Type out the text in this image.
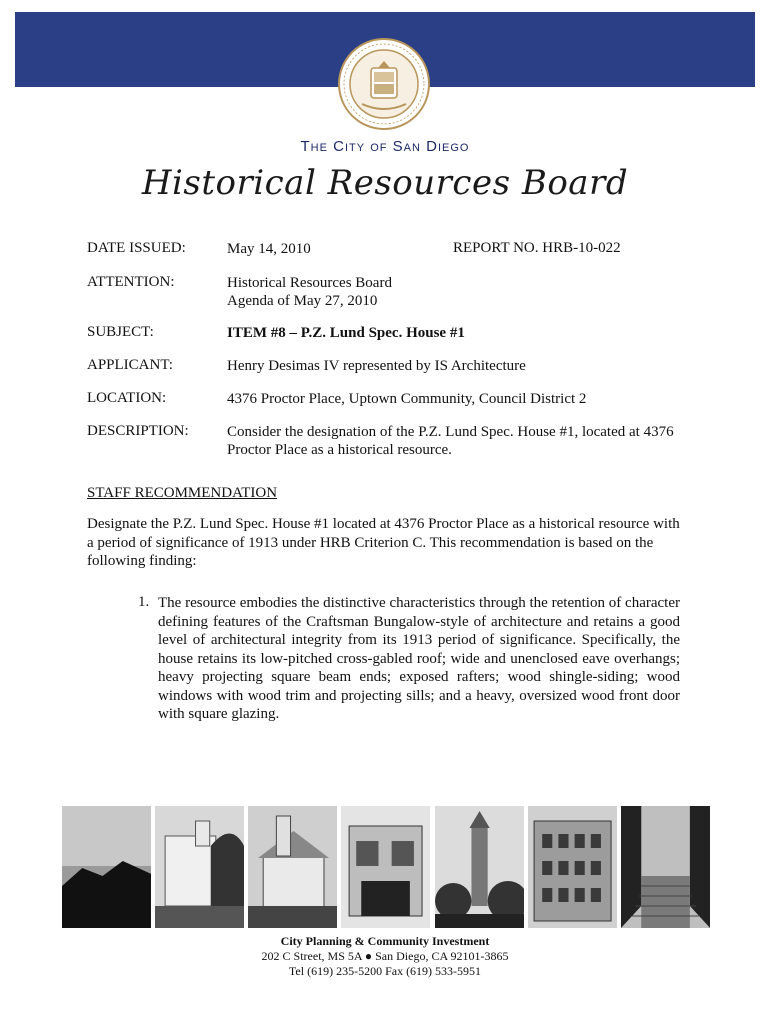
The City of San Diego
Historical Resources Board
DATE ISSUED:	May 14, 2010	REPORT NO. HRB-10-022
ATTENTION:	Historical Resources Board
Agenda of May 27, 2010
SUBJECT:	ITEM #8 – P.Z. Lund Spec. House #1
APPLICANT:	Henry Desimas IV represented by IS Architecture
LOCATION:	4376 Proctor Place, Uptown Community, Council District 2
DESCRIPTION:	Consider the designation of the P.Z. Lund Spec. House #1, located at 4376
Proctor Place as a historical resource.
STAFF RECOMMENDATION
Designate the P.Z. Lund Spec. House #1 located at 4376 Proctor Place as a historical resource with a period of significance of 1913 under HRB Criterion C. This recommendation is based on the following finding:
1. The resource embodies the distinctive characteristics through the retention of character defining features of the Craftsman Bungalow-style of architecture and retains a good level of architectural integrity from its 1913 period of significance. Specifically, the house retains its low-pitched cross-gabled roof; wide and unenclosed eave overhangs; heavy projecting square beam ends; exposed rafters; wood shingle-siding; wood windows with wood trim and projecting sills; and a heavy, oversized wood front door with square glazing.
City Planning & Community Investment
202 C Street, MS 5A ● San Diego, CA 92101-3865
Tel (619) 235-5200 Fax (619) 533-5951
